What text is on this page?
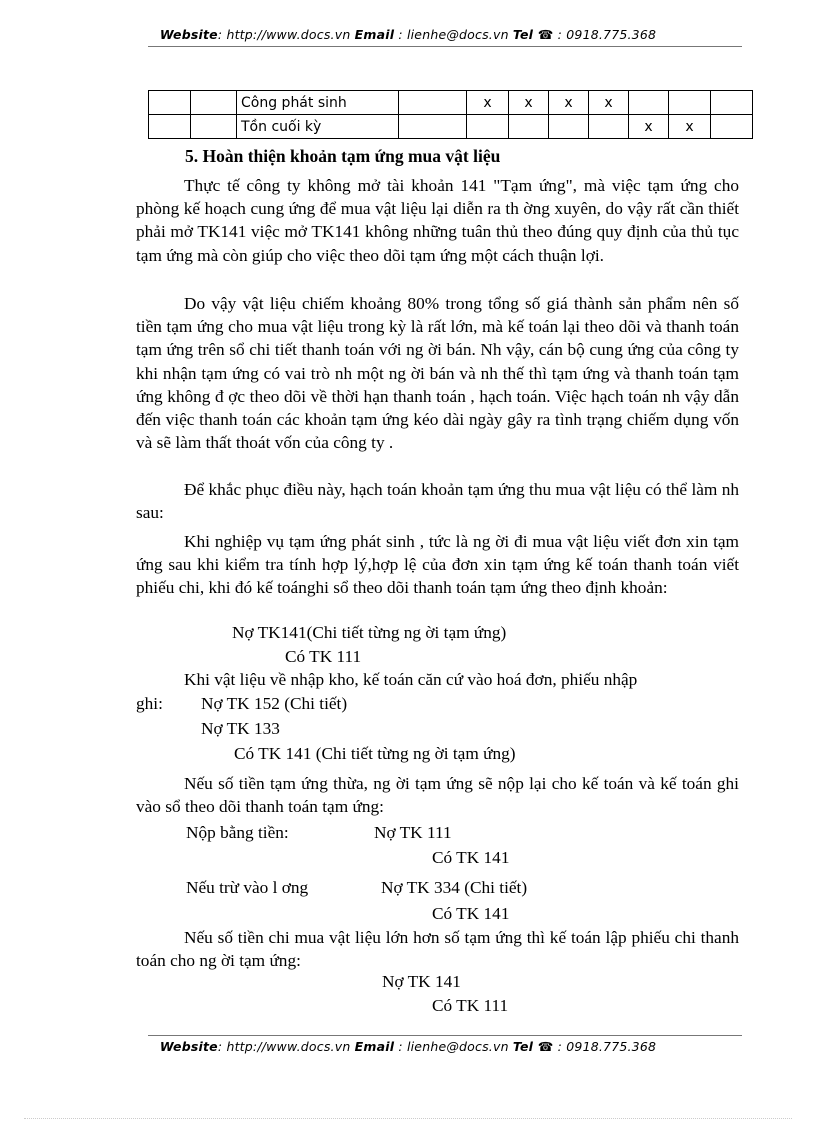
Website: http://www.docs.vn Email : lienhe@docs.vn Tel ☎ : 0918.775.368
		Công phát sinh		x	x	x	x			
		Tồn cuối kỳ						x	x	
5. Hoàn thiện khoản tạm ứng mua vật liệu
Thực tế công ty không mở tài khoản 141 "Tạm ứng", mà việc tạm ứng cho phòng kế hoạch cung ứng để mua vật liệu lại diễn ra th ờng xuyên, do vậy rất cần thiết phải mở TK141 việc mở TK141 không những tuân thủ theo đúng quy định của thủ tục tạm ứng mà còn giúp cho việc theo dõi tạm ứng một cách thuận lợi.
Do vậy vật liệu chiếm khoảng 80% trong tổng số giá thành sản phẩm nên số tiền tạm ứng cho mua vật liệu trong kỳ là rất lớn, mà kế toán lại theo dõi và thanh toán tạm ứng trên sổ chi tiết thanh toán với ng ời bán. Nh vậy, cán bộ cung ứng của công ty khi nhận tạm ứng có vai trò nh một ng ời bán và nh thế thì tạm ứng và thanh toán tạm ứng không đ ợc theo dõi về thời hạn thanh toán , hạch toán. Việc hạch toán nh vậy dẫn đến việc thanh toán các khoản tạm ứng kéo dài ngày gây ra tình trạng chiếm dụng vốn và sẽ làm thất thoát vốn của công ty .
Để khắc phục điều này, hạch toán khoản tạm ứng thu mua vật liệu có thể làm nh sau:
Khi nghiệp vụ tạm ứng phát sinh , tức là ng ời đi mua vật liệu viết đơn xin tạm ứng sau khi kiểm tra tính hợp lý,hợp lệ của đơn xin tạm ứng kế toán thanh toán viết phiếu chi, khi đó kế toánghi sổ theo dõi thanh toán tạm ứng theo định khoản:
Nợ TK141(Chi tiết từng ng ời tạm ứng)
Có TK 111
Khi vật liệu về nhập kho, kế toán căn cứ vào hoá đơn, phiếu nhập
ghi: Nợ TK 152 (Chi tiết)
Nợ TK 133
Có TK 141 (Chi tiết từng ng ời tạm ứng)
Nếu số tiền tạm ứng thừa, ng ời tạm ứng sẽ nộp lại cho kế toán và kế toán ghi vào sổ theo dõi thanh toán tạm ứng:
Nộp bằng tiền:	Nợ TK 111
Có TK 141
Nếu trừ vào l ơng	Nợ TK 334 (Chi tiết)
Có TK 141
Nếu số tiền chi mua vật liệu lớn hơn số tạm ứng thì kế toán lập phiếu chi thanh toán cho ng ời tạm ứng:
Nợ TK 141
Có TK 111
Website: http://www.docs.vn Email : lienhe@docs.vn Tel ☎ : 0918.775.368
